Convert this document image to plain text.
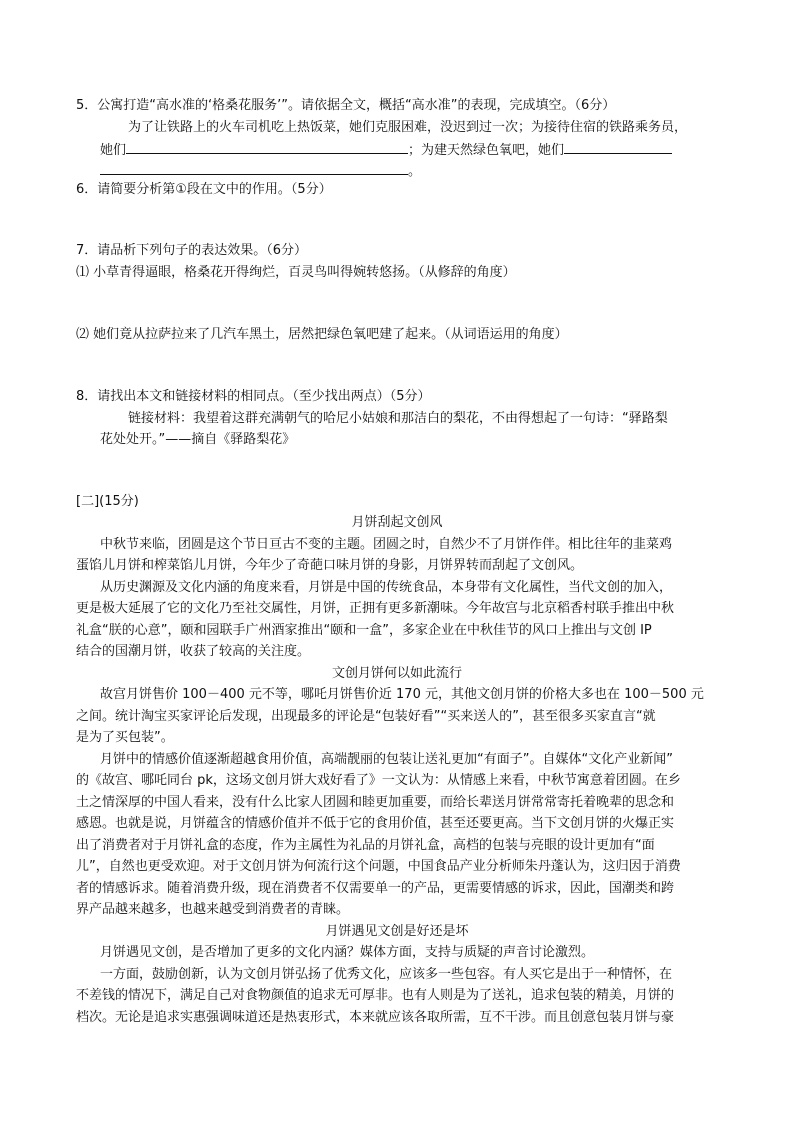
5．公寓打造“高水准的‘格桑花服务’”。请依据全文，概括“高水准”的表现，完成填空。（6分）
为了让铁路上的火车司机吃上热饭菜，她们克服困难，没迟到过一次；为接待住宿的铁路乘务员，
她们	；为建天然绿色氧吧，她们
。
6．请简要分析第①段在文中的作用。（5分）
7．请品析下列句子的表达效果。（6分）
⑴ 小草青得逼眼，格桑花开得绚烂，百灵鸟叫得婉转悠扬。（从修辞的角度）
⑵ 她们竟从拉萨拉来了几汽车黑土，居然把绿色氧吧建了起来。（从词语运用的角度）
8．请找出本文和链接材料的相同点。（至少找出两点）（5分）
链接材料：我望着这群充满朝气的哈尼小姑娘和那洁白的梨花，不由得想起了一句诗：“驿路梨
花处处开。”——摘自《驿路梨花》
[二](15分)
月饼刮起文创风
中秋节来临，团圆是这个节日亘古不变的主题。团圆之时，自然少不了月饼作伴。相比往年的韭菜鸡
蛋馅儿月饼和榨菜馅儿月饼，今年少了奇葩口味月饼的身影，月饼界转而刮起了文创风。
从历史渊源及文化内涵的角度来看，月饼是中国的传统食品，本身带有文化属性，当代文创的加入，
更是极大延展了它的文化乃至社交属性，月饼，正拥有更多新潮味。今年故宫与北京稻香村联手推出中秋
礼盒“朕的心意”，颐和园联手广州酒家推出“颐和一盒”，多家企业在中秋佳节的风口上推出与文创 IP
结合的国潮月饼，收获了较高的关注度。
文创月饼何以如此流行
故宫月饼售价 100－400 元不等，哪吒月饼售价近 170 元，其他文创月饼的价格大多也在 100－500 元
之间。统计淘宝买家评论后发现，出现最多的评论是“包装好看”“买来送人的”，甚至很多买家直言“就
是为了买包装”。
月饼中的情感价值逐渐超越食用价值，高端靓丽的包装让送礼更加“有面子”。自媒体“文化产业新闻”
的《故宫、哪吒同台 pk，这场文创月饼大戏好看了》一文认为：从情感上来看，中秋节寓意着团圆。在乡
土之情深厚的中国人看来，没有什么比家人团圆和睦更加重要，而给长辈送月饼常常寄托着晚辈的思念和
感恩。也就是说，月饼蕴含的情感价值并不低于它的食用价值，甚至还要更高。当下文创月饼的火爆正实
出了消费者对于月饼礼盒的态度，作为主属性为礼品的月饼礼盒，高档的包装与亮眼的设计更加有“面
儿”，自然也更受欢迎。对于文创月饼为何流行这个问题，中国食品产业分析师朱丹蓬认为，这归因于消费
者的情感诉求。随着消费升级，现在消费者不仅需要单一的产品，更需要情感的诉求，因此，国潮类和跨
界产品越来越多，也越来越受到消费者的青睐。
月饼遇见文创是好还是坏
月饼遇见文创，是否增加了更多的文化内涵？媒体方面，支持与质疑的声音讨论激烈。
一方面，鼓励创新，认为文创月饼弘扬了优秀文化，应该多一些包容。有人买它是出于一种情怀，在
不差钱的情况下，满足自己对食物颜值的追求无可厚非。也有人则是为了送礼，追求包装的精美，月饼的
档次。无论是追求实惠强调味道还是热衷形式，本来就应该各取所需，互不干涉。而且创意包装月饼与豪
